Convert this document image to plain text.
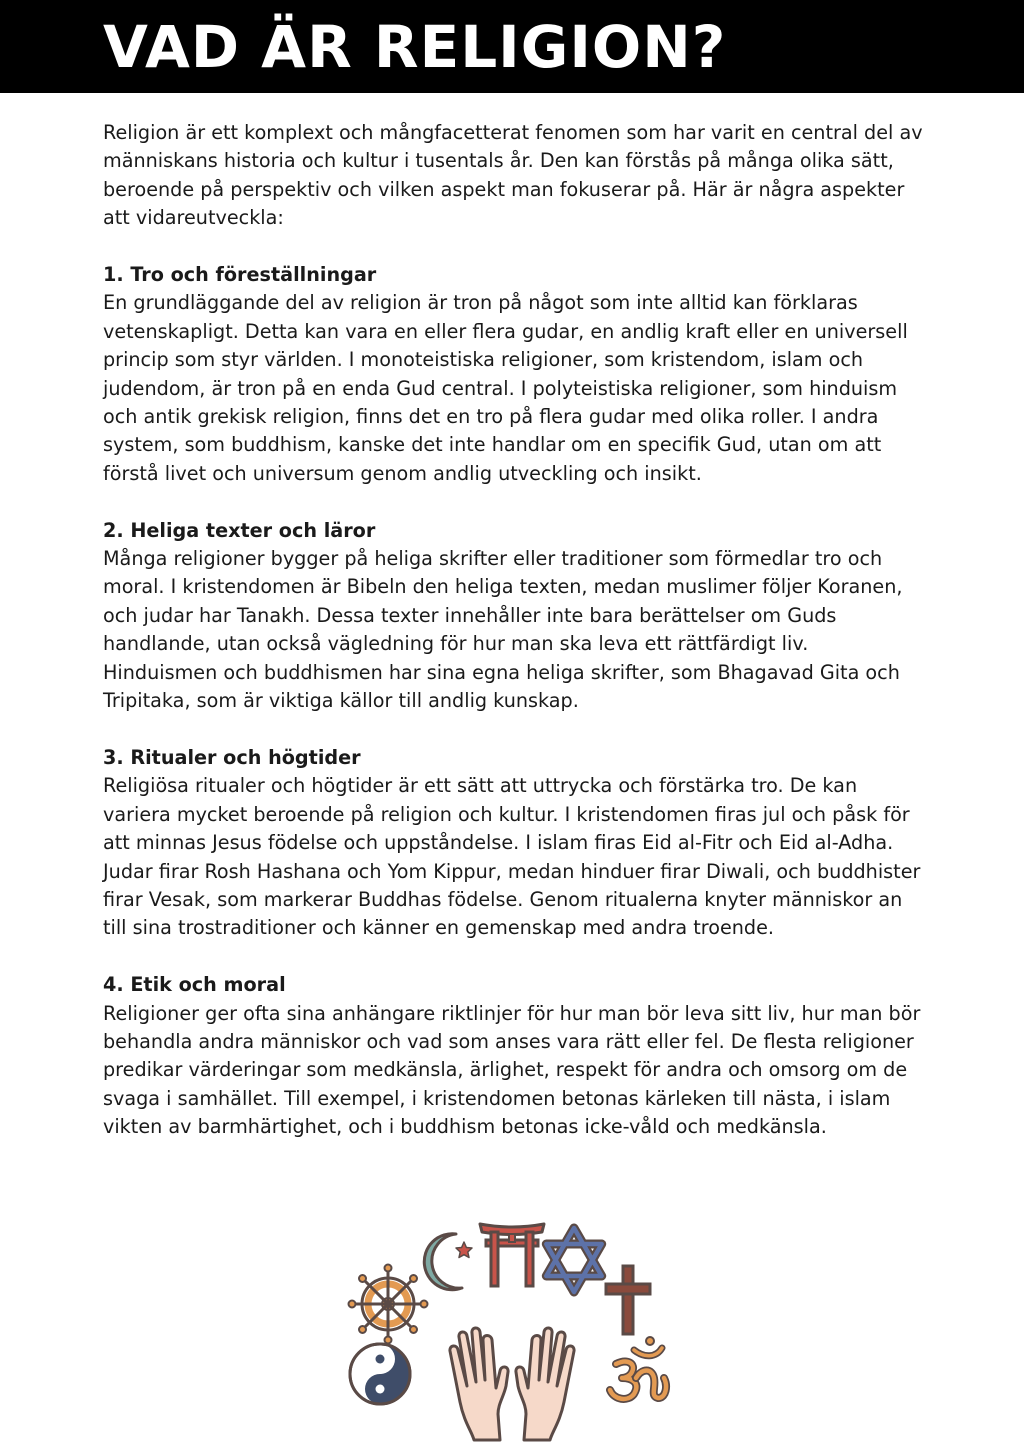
VAD ÄR RELIGION?

Religion är ett komplext och mångfacetterat fenomen som har varit en central del av människans historia och kultur i tusentals år. Den kan förstås på många olika sätt, beroende på perspektiv och vilken aspekt man fokuserar på. Här är några aspekter att vidareutveckla:

1. Tro och föreställningar

En grundläggande del av religion är tron på något som inte alltid kan förklaras vetenskapligt. Detta kan vara en eller flera gudar, en andlig kraft eller en universell princip som styr världen. I monoteistiska religioner, som kristendom, islam och judendom, är tron på en enda Gud central. I polyteistiska religioner, som hinduism och antik grekisk religion, finns det en tro på flera gudar med olika roller. I andra system, som buddhism, kanske det inte handlar om en specifik Gud, utan om att förstå livet och universum genom andlig utveckling och insikt.

2. Heliga texter och läror

Många religioner bygger på heliga skrifter eller traditioner som förmedlar tro och moral. I kristendomen är Bibeln den heliga texten, medan muslimer följer Koranen, och judar har Tanakh. Dessa texter innehåller inte bara berättelser om Guds handlande, utan också vägledning för hur man ska leva ett rättfärdigt liv. Hinduismen och buddhismen har sina egna heliga skrifter, som Bhagavad Gita och Tripitaka, som är viktiga källor till andlig kunskap.

3. Ritualer och högtider

Religiösa ritualer och högtider är ett sätt att uttrycka och förstärka tro. De kan variera mycket beroende på religion och kultur. I kristendomen firas jul och påsk för att minnas Jesus födelse och uppståndelse. I islam firas Eid al-Fitr och Eid al-Adha. Judar firar Rosh Hashana och Yom Kippur, medan hinduer firar Diwali, och buddhister firar Vesak, som markerar Buddhas födelse. Genom ritualerna knyter människor an till sina trostraditioner och känner en gemenskap med andra troende.

4. Etik och moral

Religioner ger ofta sina anhängare riktlinjer för hur man bör leva sitt liv, hur man bör behandla andra människor och vad som anses vara rätt eller fel. De flesta religioner predikar värderingar som medkänsla, ärlighet, respekt för andra och omsorg om de svaga i samhället. Till exempel, i kristendomen betonas kärleken till nästa, i islam vikten av barmhärtighet, och i buddhism betonas icke-våld och medkänsla.
